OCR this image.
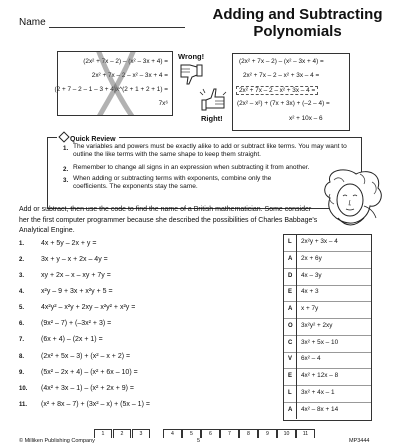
Name	Adding and Subtracting Polynomials
(2x² + 7x – 2) – (x² – 3x + 4) =
2x² + 7x – 2 – x² – 3x + 4 =
(2 + 7 – 2 – 1 – 3 + 4)x^(2 + 1 + 2 + 1) =
7x⁶
Wrong!
Right!
(2x² + 7x – 2) – (x² – 3x + 4) =
2x² + 7x – 2 – x² + 3x – 4 =
2x² + 7x – 2 – x² + 3x – 4 =
(2x² – x²) + (7x + 3x) + (–2 – 4) =
x² + 10x – 6
Quick Review
1. The variables and powers must be exactly alike to add or subtract like terms. You may want to outline the like terms with the same shape to keep them straight.
2. Remember to change all signs in an expression when subtracting it from another.
3. When adding or subtracting terms with exponents, combine only the coefficients. The exponents stay the same.
Add or subtract, then use the code to find the name of a British mathematician. Some consider her the first computer programmer because she described the possibilities of Charles Babbage's Analytical Engine.
1. 4x + 5y – 2x + y =
2. 3x + y – x + 2x – 4y =
3. xy + 2x – x – xy + 7y =
4. x²y – 9 + 3x + x²y + 5 =
5. 4x²y² – x²y + 2xy – x²y² + x²y =
6. (9x² – 7) + (–3x² + 3) =
7. (6x + 4) – (2x + 1) =
8. (2x² + 5x – 3) + (x² – x + 2) =
9. (5x² – 2x + 4) – (x² + 6x – 10) =
10. (4x² + 3x – 1) – (x² + 2x + 9) =
11. (x² + 8x – 7) + (3x² – x) + (5x – 1) =
L 2x²y + 3x – 4
A 2x + 6y
D 4x – 3y
E 4x + 3
A x + 7y
O 3x²y² + 2xy
C 3x² + 5x – 10
V 6x² – 4
E 4x² + 12x – 8
L 3x² + 4x – 1
A 4x² – 8x + 14
1	2	3	4	5	6	7	8	9	10	11
© Milliken Publishing Company	5	MP3444
